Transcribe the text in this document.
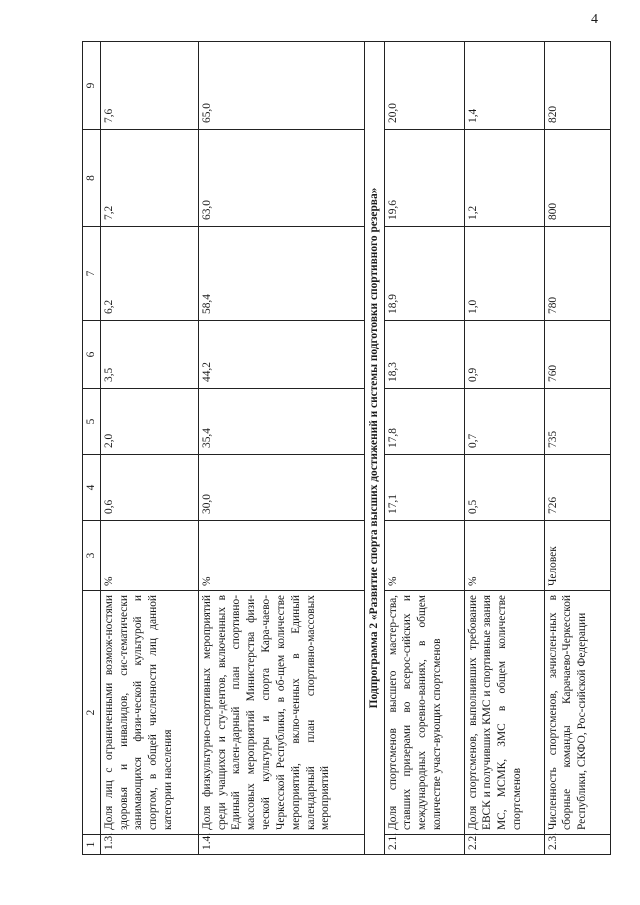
4
1	2	3	4	5	6	7	8	9
1.3.	Доля лиц с ограниченными возмож-ностями здоровья и инвалидов, сис-тематически занимающихся физи-ческой культурой и спортом, в общей численности лиц данной категории населения	%	0,6	2,0	3,5	6,2	7,2	7,6
1.4.	Доля физкультурно-спортивных мероприятий среди учащихся и сту-дентов, включенных в Единый кален-дарный план спортивно-массовых мероприятий Министерства физи-ческой культуры и спорта Кара-чаево-Черкесской Республики, в об-щем количестве мероприятий, вклю-ченных в Единый календарный план спортивно-массовых мероприятий	%	30,0	35,4	44,2	58,4	63,0	65,0
Подпрограмма 2 «Развитие спорта высших достижений и системы подготовки спортивного резерва»								
2.1.	Доля спортсменов высшего мастер-ства, ставших призерами во всерос-сийских и международных соревно-ваниях, в общем количестве участ-вующих спортсменов	%	17,1	17,8	18,3	18,9	19,6	20,0
2.2.	Доля спортсменов, выполнивших требование ЕВСК и получивших КМС и спортивные звания МС, МСМК, ЗМС в общем количестве спортсменов	%	0,5	0,7	0,9	1,0	1,2	1,4
2.3.	Численность спортсменов, зачислен-ных в сборные команды Карачаево-Черкесской Республики, СКФО, Рос-сийской Федерации	Человек	726	735	760	780	800	820
